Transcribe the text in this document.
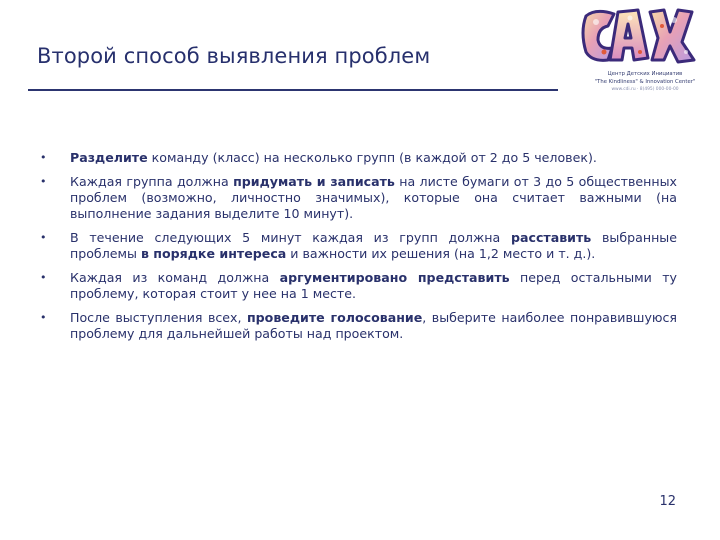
Второй способ выявления проблем
Центр Детских Инициатив
"The Kindliness" & Innovation Center"
www.cdi.ru · 8(495) 000-00-00
• Разделите команду (класс) на несколько групп (в каждой от 2 до 5 человек).
• Каждая группа должна придумать и записать на листе бумаги от 3 до 5 общественных проблем (возможно, личностно значимых), которые она считает важными (на выполнение задания выделите 10 минут).
• В течение следующих 5 минут каждая из групп должна расставить выбранные проблемы в порядке интереса и важности их решения (на 1,2 место и т. д.).
• Каждая из команд должна аргументировано представить перед остальными ту проблему, которая стоит у нее на 1 месте.
• После выступления всех, проведите голосование, выберите наиболее понравившуюся проблему для дальнейшей работы над проектом.
12
